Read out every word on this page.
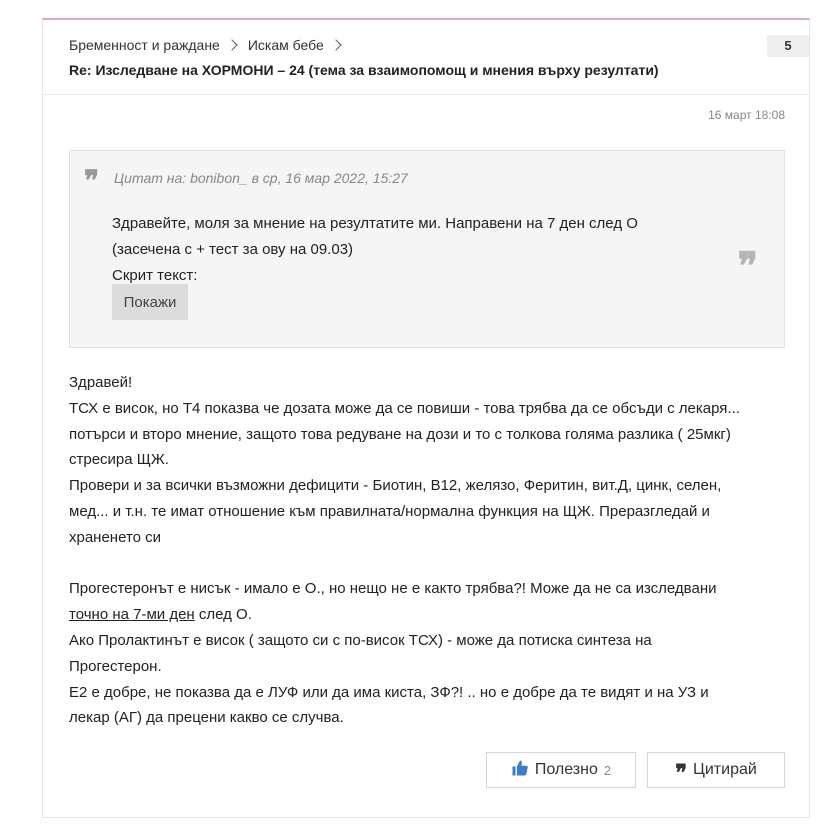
Бременност и раждане Искам бебе
Re: Изследване на ХОРМОНИ – 24 (тема за взаимопомощ и мнения върху резултати)
5
16 март 18:08
❞ Цитат на: bonibon_ в ср, 16 мар 2022, 15:27
Здравейте, моля за мнение на резултатите ми. Направени на 7 ден след О
(засечена с + тест за ову на 09.03)
Скрит текст:
Покажи
❞

Здравей!

ТСХ е висок, но Т4 показва че дозата може да се повиши - това трябва да се обсъди с лекаря...

потърси и второ мнение, защото това редуване на дози и то с толкова голяма разлика ( 25мкг)

стресира ЩЖ.

Провери и за всички възможни дефицити - Биотин, В12, желязо, Феритин, вит.Д, цинк, селен,

мед... и т.н. те имат отношение към правилната/нормална функция на ЩЖ. Преразгледай и

храненето си

Прогестеронът е нисък - имало е О., но нещо не е както трябва?! Може да не са изследвани

точно на 7-ми ден след О.

Ако Пролактинът е висок ( защото си с по-висок ТСХ) - може да потиска синтеза на

Прогестерон.

Е2 е добре, не показва да е ЛУФ или да има киста, ЗФ?! .. но е добре да те видят и на УЗ и

лекар (АГ) да прецени какво се случва.

Полезно 2	❞ Цитирай
